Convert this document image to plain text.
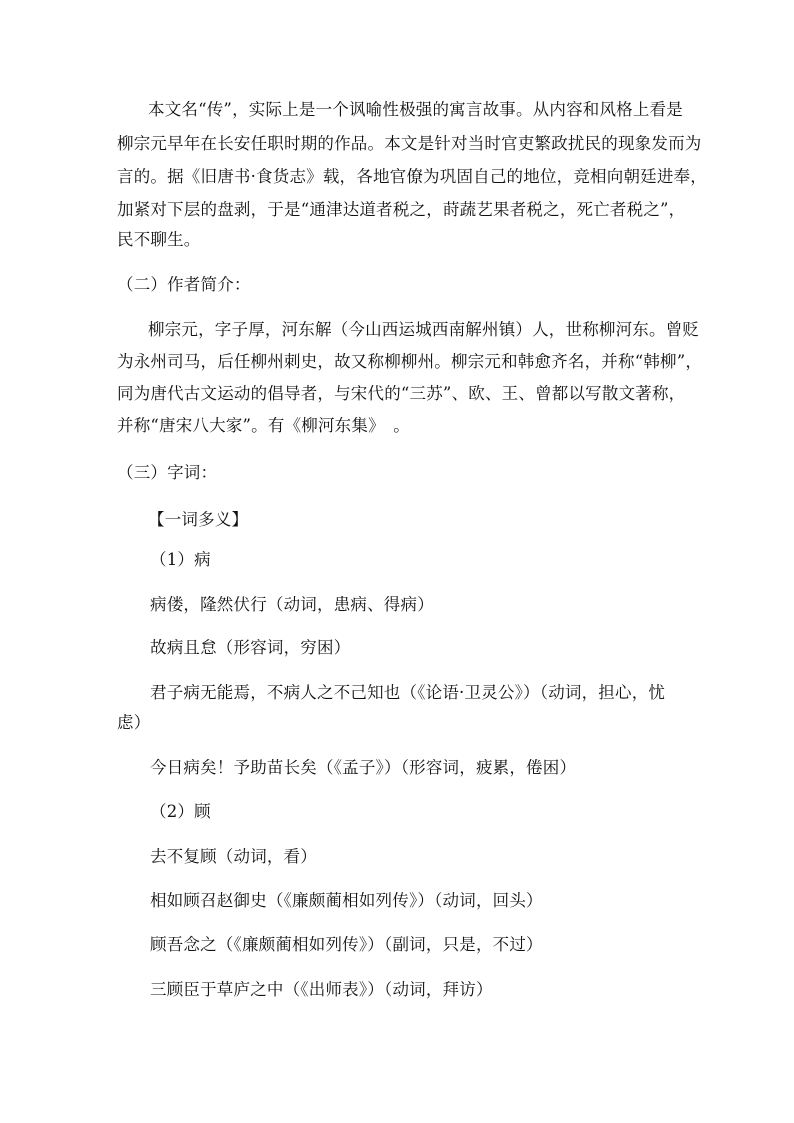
本文名“传”，实际上是一个讽喻性极强的寓言故事。从内容和风格上看是
柳宗元早年在长安任职时期的作品。本文是针对当时官吏繁政扰民的现象发而为
言的。据《旧唐书·食货志》载，各地官僚为巩固自己的地位，竞相向朝廷进奉，
加紧对下层的盘剥，于是“通津达道者税之，莳蔬艺果者税之，死亡者税之”，
民不聊生。
（二）作者简介：
柳宗元，字子厚，河东解（今山西运城西南解州镇）人，世称柳河东。曾贬
为永州司马，后任柳州刺史，故又称柳柳州。柳宗元和韩愈齐名，并称“韩柳”，
同为唐代古文运动的倡导者，与宋代的“三苏”、欧、王、曾都以写散文著称，
并称“唐宋八大家”。有《柳河东集》　。
（三）字词：
【一词多义】
（1）病
病偻，隆然伏行（动词，患病、得病）
故病且怠（形容词，穷困）
君子病无能焉，不病人之不己知也（《论语·卫灵公》）（动词，担心，忧
虑）
今日病矣！予助苗长矣（《孟子》）（形容词，疲累，倦困）
（2）顾
去不复顾（动词，看）
相如顾召赵御史（《廉颇蔺相如列传》）（动词，回头）
顾吾念之（《廉颇蔺相如列传》）（副词，只是，不过）
三顾臣于草庐之中（《出师表》）（动词，拜访）
